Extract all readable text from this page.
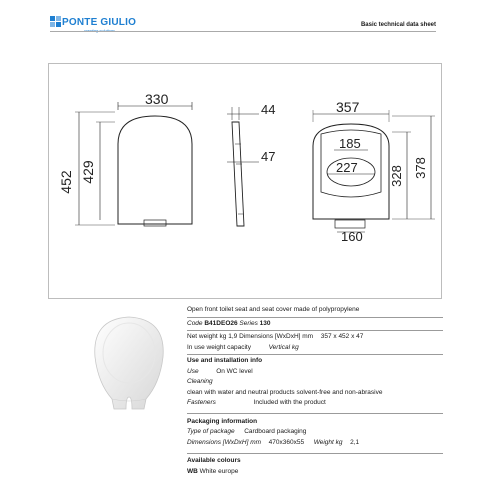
PONTE GIULIO
creating solutions
Basic technical data sheet
330
452 429
44
47
357
185
227
160
328 378
Open front toilet seat and seat cover made of polypropylene
Code B41DEO26 Series 130
Net weight kg 1,9 Dimensions [WxDxH] mm 357 x 452 x 47
In use weight capacity	Vertical kg
Use and installation info
Use	On WC level
Cleaning
clean with water and neutral products solvent-free and non-abrasive
Fasteners	Included with the product
Packaging information
Type of package Cardboard packaging
Dimensions [WxDxH] mm 470x360x55 Weight kg 2,1
Available colours
WB White europe
